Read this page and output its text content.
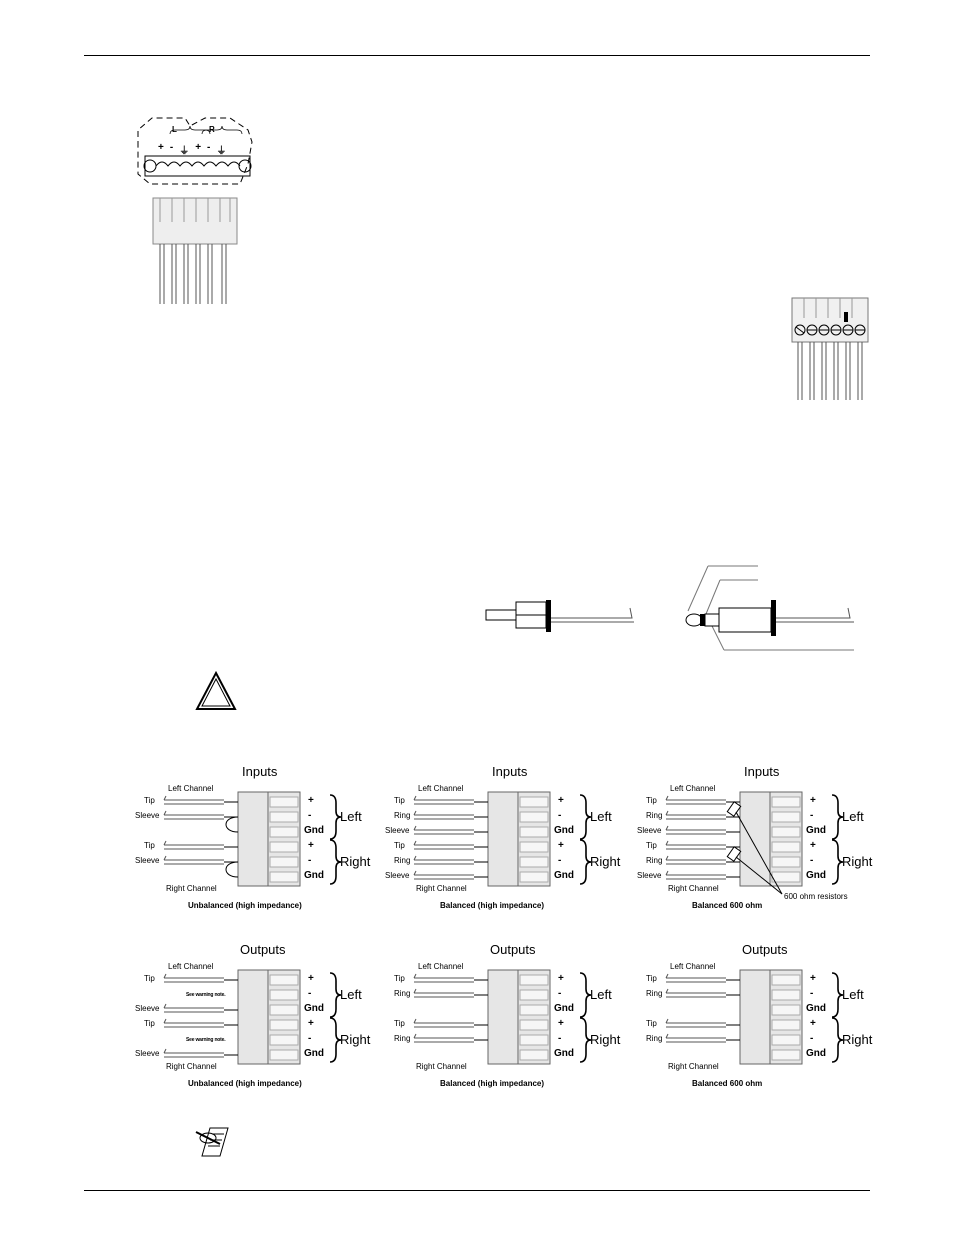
L	R
+ - ⏚ + - ⏚
Inputs
Left Channel
Right Channel
Unbalanced (high impedance)
Tip
Sleeve
Tip
Sleeve
+
-
Gnd
+
-
Gnd
Left
Right
Inputs
Left Channel
Right Channel
Balanced (high impedance)
Tip
Ring
Sleeve
Tip
Ring
Sleeve
+
-
Gnd
+
-
Gnd
Left
Right
Inputs
Left Channel
Right Channel
Balanced 600 ohm
Tip
Ring
Sleeve
Tip
Ring
Sleeve
600 ohm resistors
+
-
Gnd
+
-
Gnd
Left
Right
Outputs
Left Channel
Right Channel
Unbalanced (high impedance)
Tip
Sleeve
Tip
Sleeve
See warning note.
See warning note.
+
-
Gnd
+
-
Gnd
Left
Right
Outputs
Left Channel
Right Channel
Balanced (high impedance)
Tip
Ring
Tip
Ring
+
-
Gnd
+
-
Gnd
Left
Right
Outputs
Left Channel
Right Channel
Balanced 600 ohm
Tip
Ring
Tip
Ring
+
-
Gnd
+
-
Gnd
Left
Right
